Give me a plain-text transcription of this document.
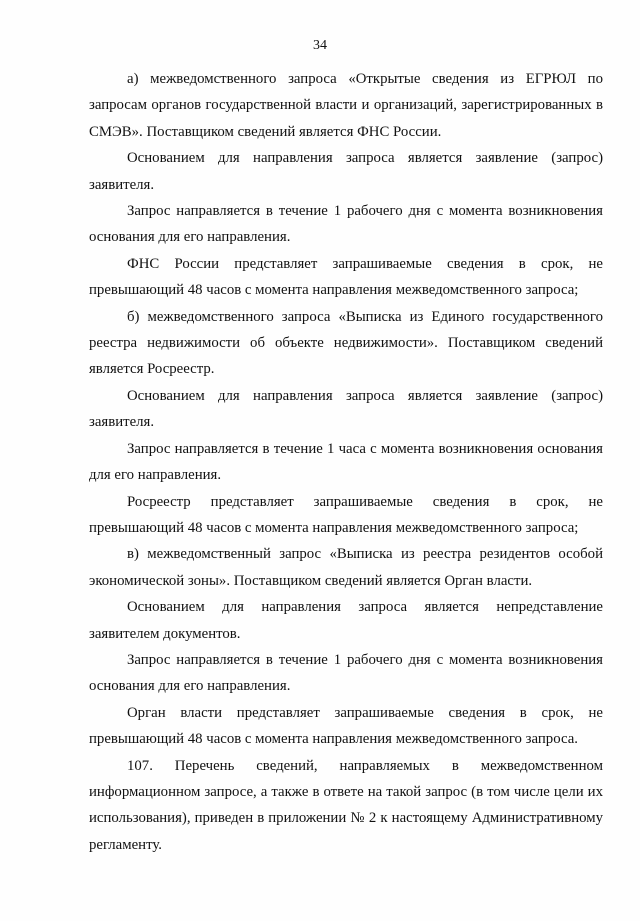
34

а) межведомственного запроса «Открытые сведения из ЕГРЮЛ по запросам органов государственной власти и организаций, зарегистрированных в СМЭВ». Поставщиком сведений является ФНС России.

Основанием для направления запроса является заявление (запрос) заявителя.

Запрос направляется в течение 1 рабочего дня с момента возникновения основания для его направления.

ФНС России представляет запрашиваемые сведения в срок, не превышающий 48 часов с момента направления межведомственного запроса;

б) межведомственного запроса «Выписка из Единого государственного реестра недвижимости об объекте недвижимости». Поставщиком сведений является Росреестр.

Основанием для направления запроса является заявление (запрос) заявителя.

Запрос направляется в течение 1 часа с момента возникновения основания для его направления.

Росреестр представляет запрашиваемые сведения в срок, не превышающий 48 часов с момента направления межведомственного запроса;

в) межведомственный запрос «Выписка из реестра резидентов особой экономической зоны». Поставщиком сведений является Орган власти.

Основанием для направления запроса является непредставление заявителем документов.

Запрос направляется в течение 1 рабочего дня с момента возникновения основания для его направления.

Орган власти представляет запрашиваемые сведения в срок, не превышающий 48 часов с момента направления межведомственного запроса.

107. Перечень сведений, направляемых в межведомственном информационном запросе, а также в ответе на такой запрос (в том числе цели их использования), приведен в приложении № 2 к настоящему Административному регламенту.
